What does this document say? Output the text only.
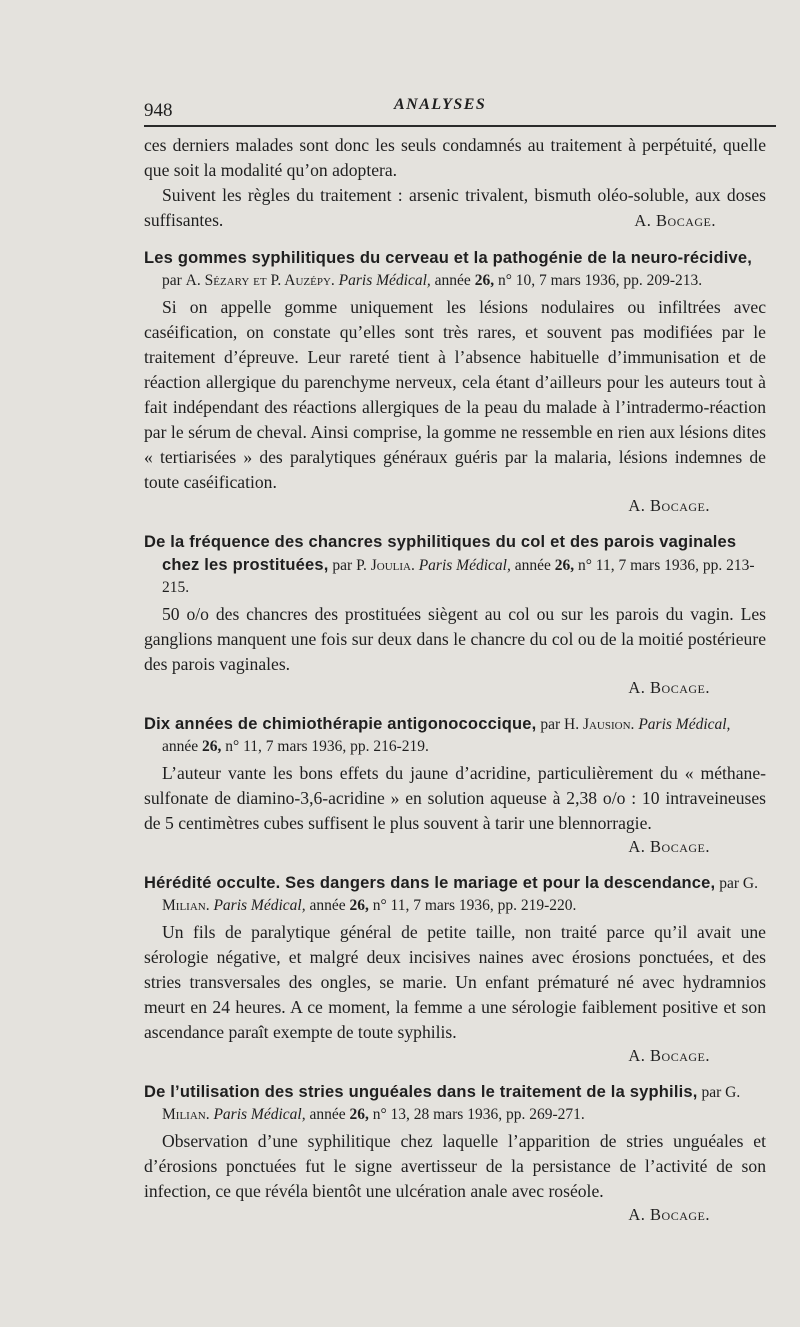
948	ANALYSES

ces derniers malades sont donc les seuls condamnés au traitement à perpétuité, quelle que soit la modalité qu’on adoptera.

Suivent les règles du traitement : arsenic trivalent, bismuth oléo-soluble, aux doses suffisantes.	A. Bocage.

Les gommes syphilitiques du cerveau et la pathogénie de la neuro-récidive, par A. Sézary et P. Auzépy. Paris Médical, année 26, n° 10, 7 mars 1936, pp. 209-213.

Si on appelle gomme uniquement les lésions nodulaires ou infiltrées avec caséification, on constate qu’elles sont très rares, et souvent pas modifiées par le traitement d’épreuve. Leur rareté tient à l’absence habituelle d’immunisation et de réaction allergique du parenchyme nerveux, cela étant d’ailleurs pour les auteurs tout à fait indépendant des réactions allergiques de la peau du malade à l’intradermo-réaction par le sérum de cheval. Ainsi comprise, la gomme ne ressemble en rien aux lésions dites « tertiarisées » des paralytiques généraux guéris par la malaria, lésions indemnes de toute caséification.

A. Bocage.

De la fréquence des chancres syphilitiques du col et des parois vaginales chez les prostituées, par P. Joulia. Paris Médical, année 26, n° 11, 7 mars 1936, pp. 213-215.

50 o/o des chancres des prostituées siègent au col ou sur les parois du vagin. Les ganglions manquent une fois sur deux dans le chancre du col ou de la moitié postérieure des parois vaginales.

A. Bocage.

Dix années de chimiothérapie antigonococcique, par H. Jausion. Paris Médical, année 26, n° 11, 7 mars 1936, pp. 216-219.

L’auteur vante les bons effets du jaune d’acridine, particulièrement du « méthane-sulfonate de diamino-3,6-acridine » en solution aqueuse à 2,38 o/o : 10 intraveineuses de 5 centimètres cubes suffisent le plus souvent à tarir une blennorragie.

A. Bocage.

Hérédité occulte. Ses dangers dans le mariage et pour la descendance, par G. Milian. Paris Médical, année 26, n° 11, 7 mars 1936, pp. 219-220.

Un fils de paralytique général de petite taille, non traité parce qu’il avait une sérologie négative, et malgré deux incisives naines avec érosions ponctuées, et des stries transversales des ongles, se marie. Un enfant prématuré né avec hydramnios meurt en 24 heures. A ce moment, la femme a une sérologie faiblement positive et son ascendance paraît exempte de toute syphilis.

A. Bocage.

De l’utilisation des stries unguéales dans le traitement de la syphilis, par G. Milian. Paris Médical, année 26, n° 13, 28 mars 1936, pp. 269-271.

Observation d’une syphilitique chez laquelle l’apparition de stries unguéales et d’érosions ponctuées fut le signe avertisseur de la persistance de l’activité de son infection, ce que révéla bientôt une ulcération anale avec roséole.

A. Bocage.
